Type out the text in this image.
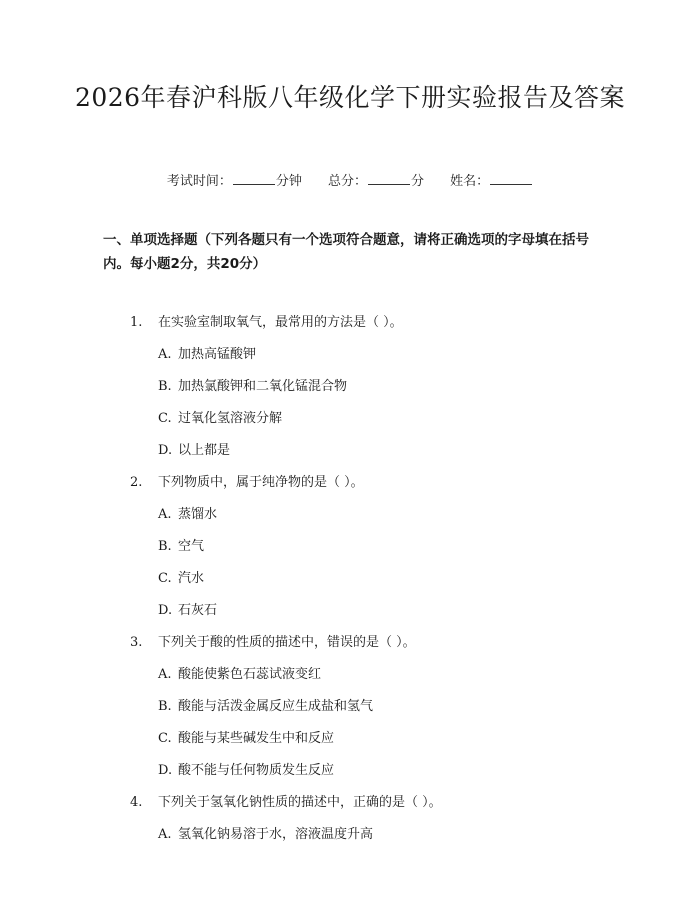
2026年春沪科版八年级化学下册实验报告及答案
考试时间：	分钟 总分：	分 姓名：
一、单项选择题（下列各题只有一个选项符合题意，请将正确选项的字母填在括号内。每小题2分，共20分）
1. 在实验室制取氧气，最常用的方法是（ ）。
A. 加热高锰酸钾
B. 加热氯酸钾和二氧化锰混合物
C. 过氧化氢溶液分解
D. 以上都是
2. 下列物质中，属于纯净物的是（ ）。
A. 蒸馏水
B. 空气
C. 汽水
D. 石灰石
3. 下列关于酸的性质的描述中，错误的是（ ）。
A. 酸能使紫色石蕊试液变红
B. 酸能与活泼金属反应生成盐和氢气
C. 酸能与某些碱发生中和反应
D. 酸不能与任何物质发生反应
4. 下列关于氢氧化钠性质的描述中，正确的是（ ）。
A. 氢氧化钠易溶于水，溶液温度升高
